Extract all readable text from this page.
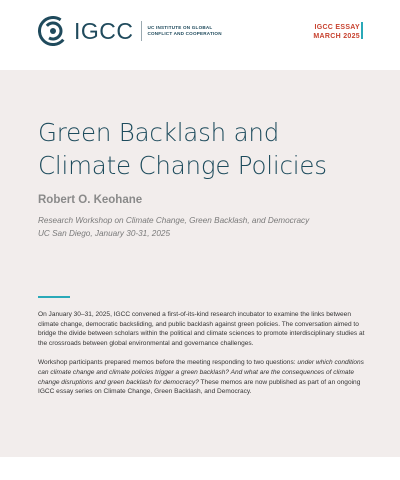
IGCC	UC INSTITUTE ON GLOBAL
CONFLICT AND COOPERATION
IGCC ESSAY
MARCH 2025
Green Backlash and
Climate Change Policies
Robert O. Keohane
Research Workshop on Climate Change, Green Backlash, and Democracy
UC San Diego, January 30-31, 2025

On January 30–31, 2025, IGCC convened a first-of-its-kind research incubator to examine the links between climate change, democratic backsliding, and public backlash against green policies. The conversation aimed to bridge the divide between scholars within the political and climate sciences to promote interdisciplinary studies at the crossroads between global environmental and governance challenges.

Workshop participants prepared memos before the meeting responding to two questions: under which conditions can climate change and climate policies trigger a green backlash? And what are the consequences of climate change disruptions and green backlash for democracy? These memos are now published as part of an ongoing IGCC essay series on Climate Change, Green Backlash, and Democracy.
